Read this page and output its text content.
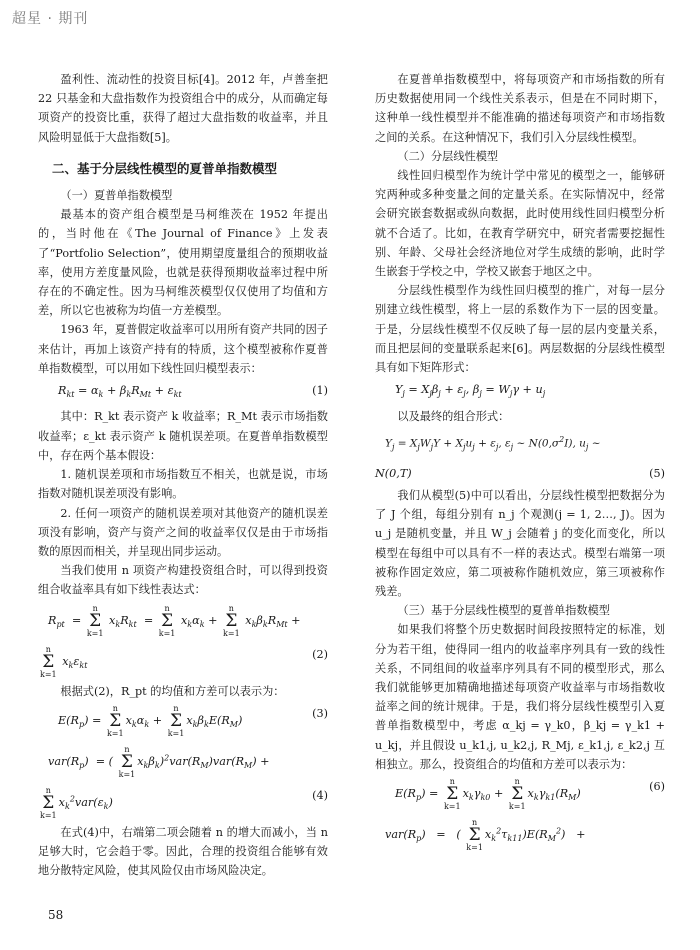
超星 · 期刊

盈利性、流动性的投资目标[4]。2012 年，卢善奎把 22 只基金和大盘指数作为投资组合中的成分，从而确定每项资产的投资比重，获得了超过大盘指数的收益率，并且风险明显低于大盘指数[5]。

二、基于分层线性模型的夏普单指数模型

（一）夏普单指数模型

最基本的资产组合模型是马柯维茨在 1952 年提出的，当时他在《The Journal of Finance》上发表了“Portfolio Selection”，使用期望度量组合的预期收益率，使用方差度量风险，也就是获得预期收益率过程中所存在的不确定性。因为马柯维茨模型仅仅使用了均值和方差，所以它也被称为均值一方差模型。

1963 年，夏普假定收益率可以用所有资产共同的因子来估计，再加上该资产持有的特质，这个模型被称作夏普单指数模型，可以用如下线性回归模型表示：

$R_{kt} = \alpha_k + \beta_kR_{Mt} + \varepsilon_{kt}$	(1)

其中：R_kt 表示资产 k 收益率；R_Mt 表示市场指数收益率；ε_kt 表示资产 k 随机误差项。在夏普单指数模型中，存在两个基本假设：

1. 随机误差项和市场指数互不相关，也就是说，市场指数对随机误差项没有影响。

2. 任何一项资产的随机误差项对其他资产的随机误差项没有影响，资产与资产之间的收益率仅仅是由于市场指数的原因而相关，并呈现出同步运动。

当我们使用 n 项资产构建投资组合时，可以得到投资组合收益率具有如下线性表达式：

$R_{pt}$  =
n
Σ
k=1
$x_kR_{kt}$  =
n
Σ
k=1
$x_k\alpha_k$ +
n
Σ
k=1
$x_k\beta_kR_{Mt}$ +
n
Σ
k=1
$x_k\varepsilon_{kt}$
(2)

根据式(2)，R_pt 的均值和方差可以表示为：

$E(R_p)$ =
n
Σ
k=1
$x_k\alpha_k$ +
n
Σ
k=1
$x_k\beta_kE(R_M)$
(3)
$var(R_p)$  = (
n
Σ
k=1
$x_k\beta_k)^2var(R_M)var(R_M)$ +
n
Σ
k=1
$x_k^2var(\varepsilon_k)$
(4)

在式(4)中，右端第二项会随着 n 的增大而减小，当 n 足够大时，它会趋于零。因此，合理的投资组合能够有效地分散特定风险，使其风险仅由市场风险决定。

在夏普单指数模型中，将每项资产和市场指数的所有历史数据使用同一个线性关系表示，但是在不同时期下，这种单一线性模型并不能准确的描述每项资产和市场指数之间的关系。在这种情况下，我们引入分层线性模型。

（二）分层线性模型

线性回归模型作为统计学中常见的模型之一，能够研究两种或多种变量之间的定量关系。在实际情况中，经常会研究嵌套数据或纵向数据，此时使用线性回归模型分析就不合适了。比如，在教育学研究中，研究者需要挖掘性别、年龄、父母社会经济地位对学生成绩的影响，此时学生嵌套于学校之中，学校又嵌套于地区之中。

分层线性模型作为线性回归模型的推广，对每一层分别建立线性模型，将上一层的系数作为下一层的因变量。于是，分层线性模型不仅反映了每一层的层内变量关系，而且把层间的变量联系起来[6]。两层数据的分层线性模型具有如下矩阵形式：

$Y_j = X_j\beta_j + \varepsilon_j$, $\beta_j = W_j\gamma + u_j$

以及最终的组合形式：

$Y_j = X_jW_jY + X_ju_j + \varepsilon_j$, $\varepsilon_j$ ~ $N(0,\sigma^2I)$, $u_j$ ~
N(0,T)	(5)

我们从模型(5)中可以看出，分层线性模型把数据分为了 J 个组，每组分别有 n_j 个观测(j = 1, 2…, J)。因为 u_j 是随机变量，并且 W_j 会随着 j 的变化而变化，所以模型在每组中可以具有不一样的表达式。模型右端第一项被称作固定效应，第二项被称作随机效应，第三项被称作残差。

（三）基于分层线性模型的夏普单指数模型

如果我们将整个历史数据时间段按照特定的标准，划分为若干组，使得同一组内的收益率序列具有一致的线性关系，不同组间的收益率序列具有不同的模型形式，那么我们就能够更加精确地描述每项资产收益率与市场指数收益率之间的统计规律。于是，我们将分层线性模型引入夏普单指数模型中，考虑 α_kj = γ_k0，β_kj = γ_k1 + u_kj，并且假设 u_k1,j, u_k2,j, R_Mj, ε_k1,j, ε_k2,j 互相独立。那么，投资组合的均值和方差可以表示为：

$E(R_p)$ =
n
Σ
k=1
$x_k\gamma_{k0}$ +
n
Σ
k=1
$x_k\gamma_{k1}(R_M)$
(6)
$var(R_p)$   =   (
n
Σ
k=1
$x_k^2\tau_{k11})E(R_M^2)$   +
58
